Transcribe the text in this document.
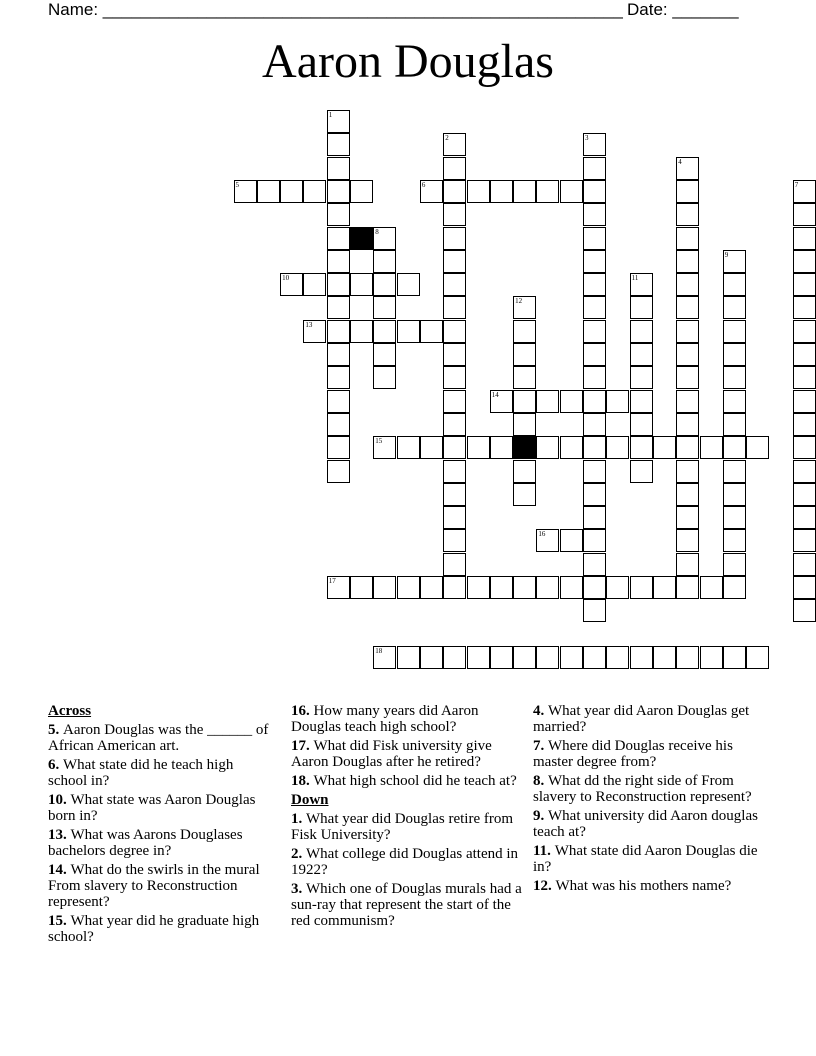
Name: _______________________________________________________ Date: _______
Aaron Douglas
1
2	3
4
5	6	7
8
9
10	11
12
13
14
15
16
17
18
Across
5. Aaron Douglas was the ______ of African American art.
6. What state did he teach high school in?
10. What state was Aaron Douglas born in?
13. What was Aarons Douglases bachelors degree in?
14. What do the swirls in the mural From slavery to Reconstruction represent?
15. What year did he graduate high school?
16. How many years did Aaron Douglas teach high school?
17. What did Fisk university give Aaron Douglas after he retired?
18. What high school did he teach at?
Down
1. What year did Douglas retire from Fisk University?
2. What college did Douglas attend in 1922?
3. Which one of Douglas murals had a sun-ray that represent the start of the red communism?
4. What year did Aaron Douglas get married?
7. Where did Douglas receive his master degree from?
8. What dd the right side of From slavery to Reconstruction represent?
9. What university did Aaron douglas teach at?
11. What state did Aaron Douglas die in?
12. What was his mothers name?
